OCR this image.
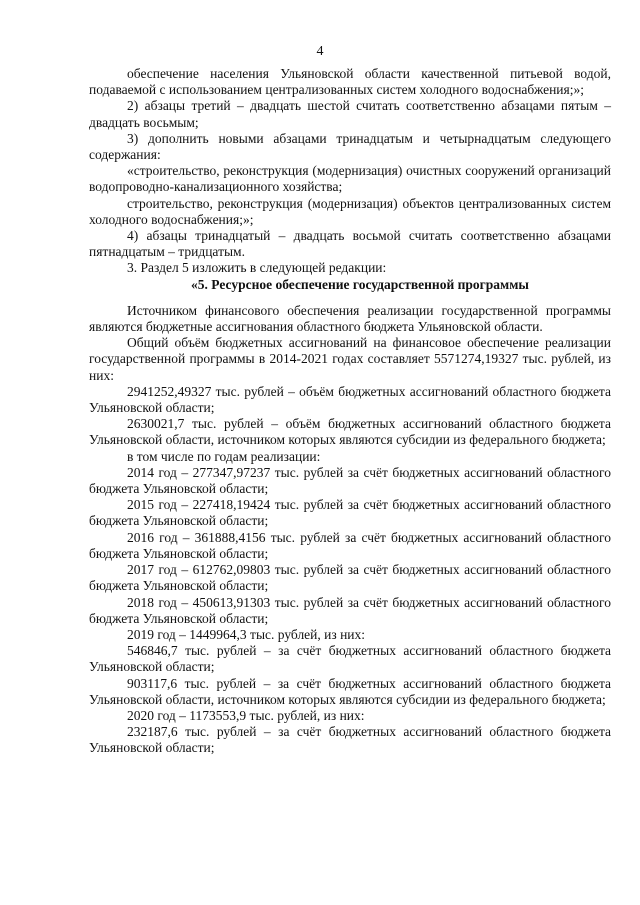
4

обеспечение населения Ульяновской области качественной питьевой водой, подаваемой с использованием централизованных систем холодного водоснабжения;»;

2) абзацы третий – двадцать шестой считать соответственно абзацами пятым – двадцать восьмым;

3) дополнить новыми абзацами тринадцатым и четырнадцатым следующего содержания:

«строительство, реконструкция (модернизация) очистных сооружений организаций водопроводно-канализационного хозяйства;

строительство, реконструкция (модернизация) объектов централизованных систем холодного водоснабжения;»;

4) абзацы тринадцатый – двадцать восьмой считать соответственно абзацами пятнадцатым – тридцатым.

3. Раздел 5 изложить в следующей редакции:

«5. Ресурсное обеспечение государственной программы

Источником финансового обеспечения реализации государственной программы являются бюджетные ассигнования областного бюджета Ульяновской области.

Общий объём бюджетных ассигнований на финансовое обеспечение реализации государственной программы в 2014-2021 годах составляет 5571274,19327 тыс. рублей, из них:

2941252,49327 тыс. рублей – объём бюджетных ассигнований областного бюджета Ульяновской области;

2630021,7 тыс. рублей – объём бюджетных ассигнований областного бюджета Ульяновской области, источником которых являются субсидии из федерального бюджета;

в том числе по годам реализации:

2014 год – 277347,97237 тыс. рублей за счёт бюджетных ассигнований областного бюджета Ульяновской области;

2015 год – 227418,19424 тыс. рублей за счёт бюджетных ассигнований областного бюджета Ульяновской области;

2016 год – 361888,4156 тыс. рублей за счёт бюджетных ассигнований областного бюджета Ульяновской области;

2017 год – 612762,09803 тыс. рублей за счёт бюджетных ассигнований областного бюджета Ульяновской области;

2018 год – 450613,91303 тыс. рублей за счёт бюджетных ассигнований областного бюджета Ульяновской области;

2019 год – 1449964,3 тыс. рублей, из них:

546846,7 тыс. рублей – за счёт бюджетных ассигнований областного бюджета Ульяновской области;

903117,6 тыс. рублей – за счёт бюджетных ассигнований областного бюджета Ульяновской области, источником которых являются субсидии из федерального бюджета;

2020 год – 1173553,9 тыс. рублей, из них:

232187,6 тыс. рублей – за счёт бюджетных ассигнований областного бюджета Ульяновской области;
